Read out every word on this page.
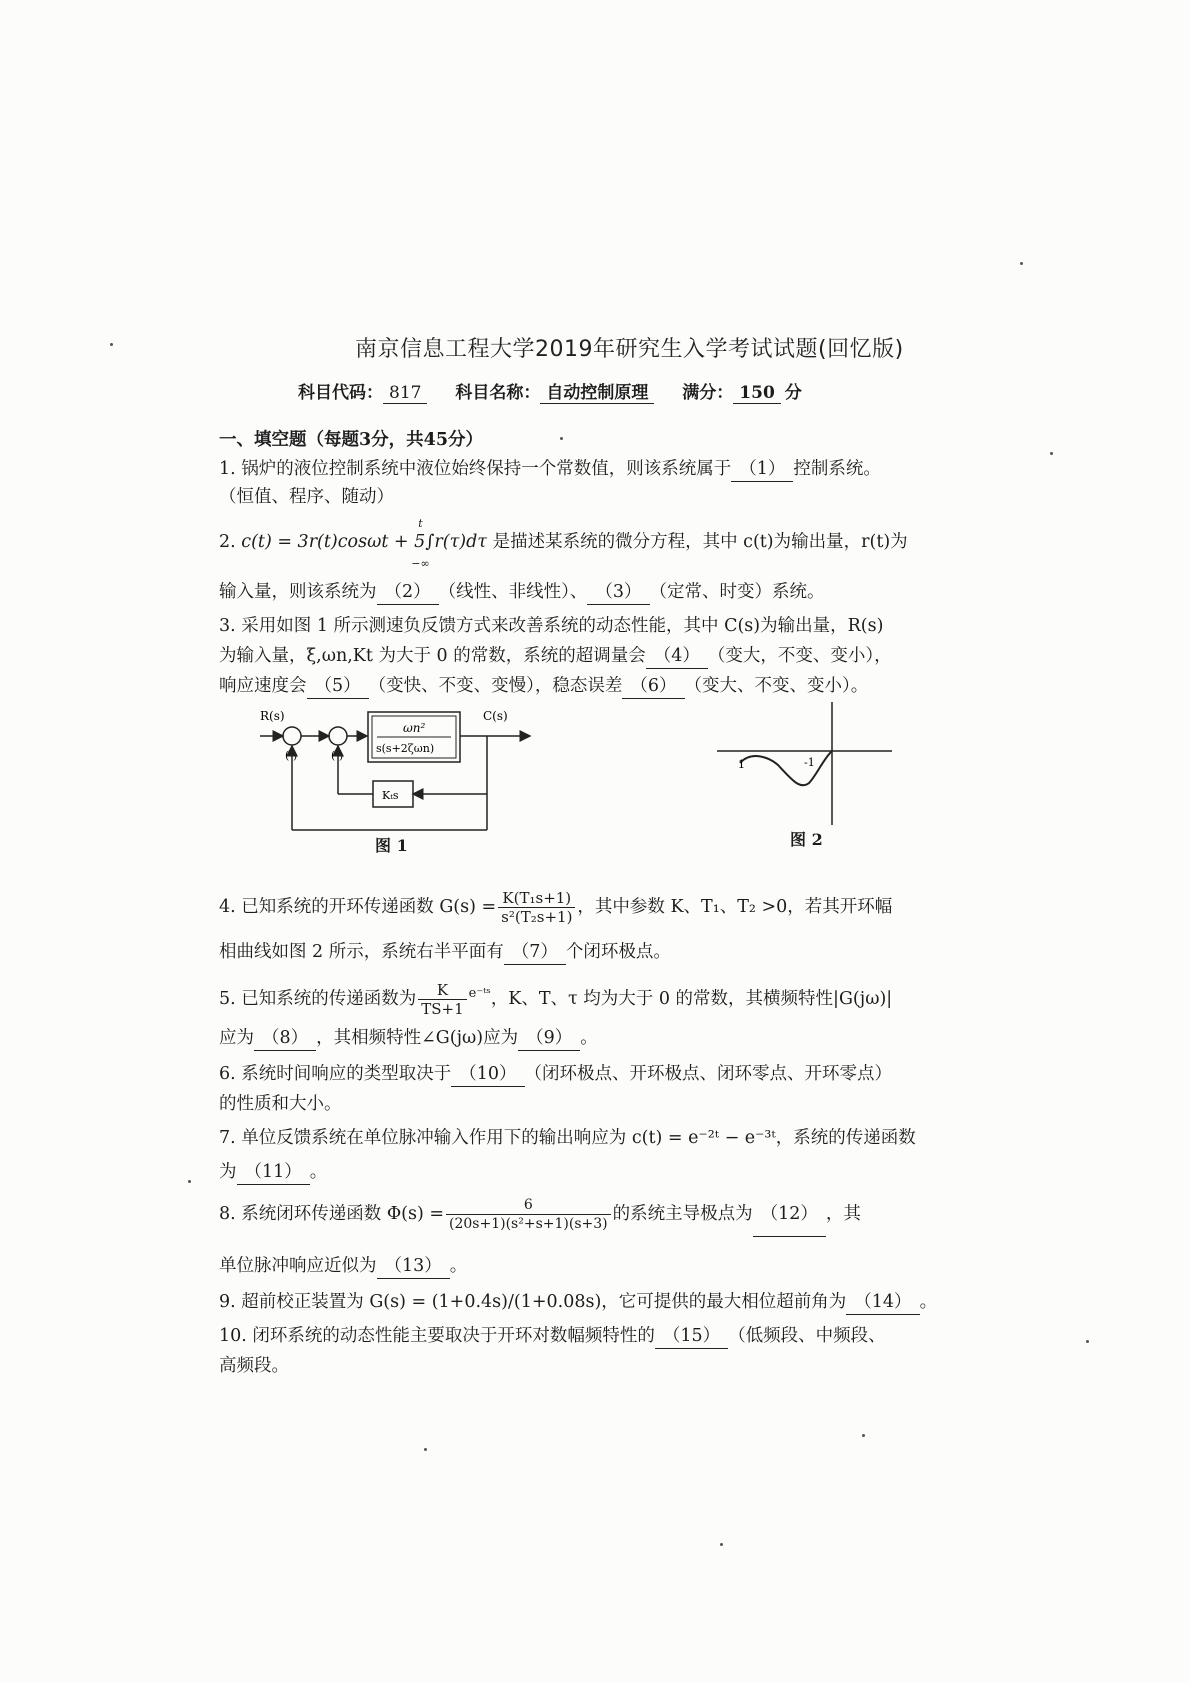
南京信息工程大学2019年研究生入学考试试题(回忆版)
科目代码： 817 科目名称： 自动控制原理 满分： 150 分
一、填空题（每题3分，共45分）
1. 锅炉的液位控制系统中液位始终保持一个常数值，则该系统属于 （1） 控制系统。
（恒值、程序、随动）
2. c(t) = 3r(t)cosωt + 5∫r(τ)dτ
t
−∞
是描述某系统的微分方程，其中 c(t)为输出量，r(t)为
输入量，则该系统为 （2） （线性、非线性）、 （3） （定常、时变）系统。
3. 采用如图 1 所示测速负反馈方式来改善系统的动态性能，其中 C(s)为输出量，R(s)
为输入量，ξ,ωn,Kt 为大于 0 的常数，系统的超调量会 （4） （变大，不变、变小），
响应速度会 （5） （变快、不变、变慢），稳态误差 （6） （变大、不变、变小）。
R(s)	C(s)
(-)	(-)
ωn²
s(s+2ζωn)
Kₜs
图 1
-1
1
图 2
4. 已知系统的开环传递函数 $G(s) = \frac{\text{K(T₁s+1)}}{\text{s²(T₂s+1)}}$ ，其中参数 K、T₁、T₂ >0，若其开环幅
相曲线如图 2 所示，系统右半平面有 （7） 个闭环极点。
5. 已知系统的传递函数为 $\frac{K}{TS+1} ^{e^-ᵗˢ}$，K、T、τ 均为大于 0 的常数，其横频特性|G(jω)|
应为 （8） ，其相频特性∠G(jω)应为 （9） 。
6. 系统时间响应的类型取决于 （10） （闭环极点、开环极点、闭环零点、开环零点）
的性质和大小。
7. 单位反馈系统在单位脉冲输入作用下的输出响应为 c(t) = e⁻²ᵗ − e⁻³ᵗ，系统的传递函数
为 （11） 。
8. 系统闭环传递函数 $\Phi(s) = \frac{6}{\text{(20s+1)(s²+s+1)(s+3)}}$ 的系统主导极点为 （12） ，其
单位脉冲响应近似为 （13） 。
9. 超前校正装置为 G(s) = (1+0.4s)/(1+0.08s)，它可提供的最大相位超前角为 （14） 。
10. 闭环系统的动态性能主要取决于开环对数幅频特性的 （15） （低频段、中频段、
高频段。
